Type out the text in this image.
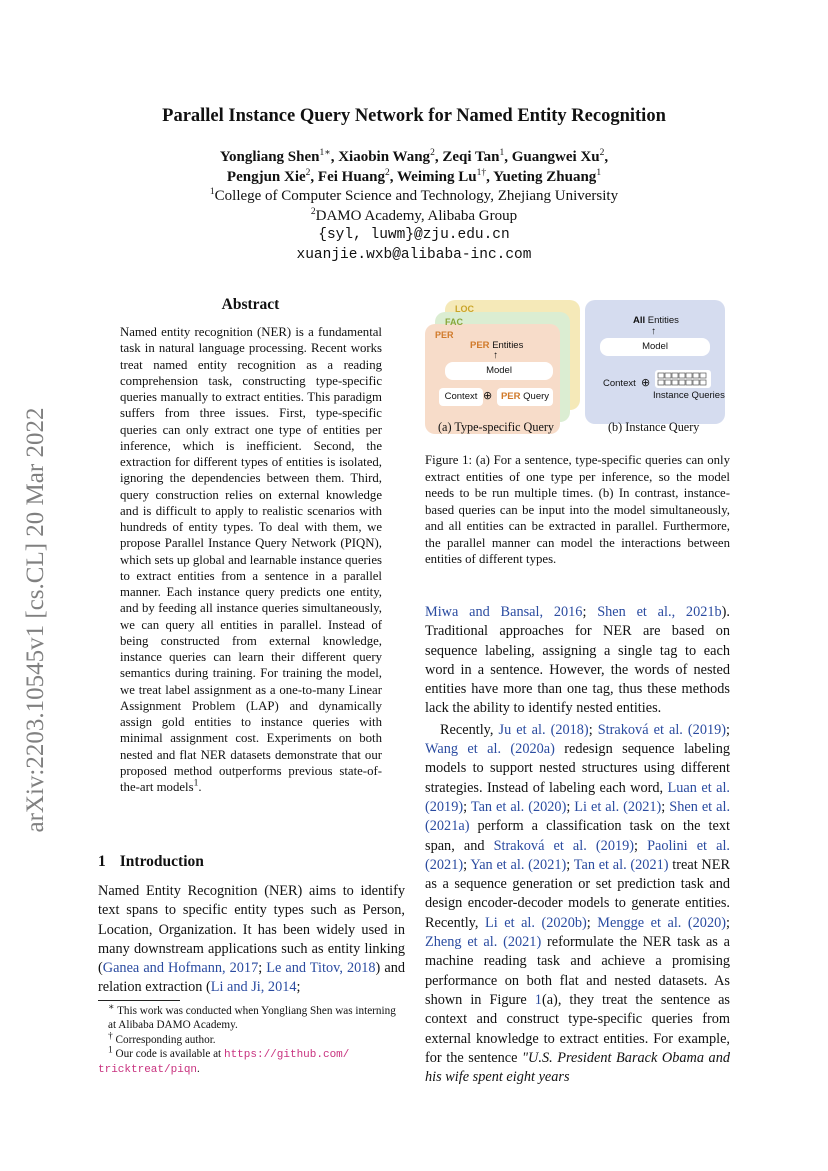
arXiv:2203.10545v1 [cs.CL] 20 Mar 2022
Parallel Instance Query Network for Named Entity Recognition
Yongliang Shen$^{1∗}$, Xiaobin Wang$^2$, Zeqi Tan$^1$, Guangwei Xu$^2$,
Pengjun Xie$^2$, Fei Huang$^2$, Weiming $Lu^{1\dagger}$, Yueting Zhuang$^1$
$^1$College of Computer Science and Technology, Zhejiang University
$^2$DAMO Academy, Alibaba Group
{syl, luwm}@zju.edu.cn
xuanjie.wxb@alibaba-inc.com
Abstract

Named entity recognition (NER) is a fundamental task in natural language processing. Recent works treat named entity recognition as a reading comprehension task, constructing type-specific queries manually to extract entities. This paradigm suffers from three issues. First, type-specific queries can only extract one type of entities per inference, which is inefficient. Second, the extraction for different types of entities is isolated, ignoring the dependencies between them. Third, query construction relies on external knowledge and is difficult to apply to realistic scenarios with hundreds of entity types. To deal with them, we propose Parallel Instance Query Network (PIQN), which sets up global and learnable instance queries to extract entities from a sentence in a parallel manner. Each instance query predicts one entity, and by feeding all instance queries simultaneously, we can query all entities in parallel. Instead of being constructed from external knowledge, instance queries can learn their different query semantics during training. For training the model, we treat label assignment as a one-to-many Linear Assignment Problem (LAP) and dynamically assign gold entities to instance queries with minimal assignment cost. Experiments on both nested and flat NER datasets demonstrate that our proposed method outperforms previous state-of-the-art models$^1$.

1 Introduction

Named Entity Recognition (NER) aims to identify text spans to specific entity types such as Person, Location, Organization. It has been widely used in many downstream applications such as entity linking (Ganea and Hofmann, 2017; Le and Titov, 2018) and relation extraction (Li and Ji, 2014;

∗ This work was conducted when Yongliang Shen was interning at Alibaba DAMO Academy.
† Corresponding author.
$^1$ Our code is available at https://github.com/
tricktreat/piqn.
LOC
FAC
PER
PER Entities
↑
Model
Context ⊕ PER Query
All Entities
↑
Model
Context ⊕
Instance Queries
(a) Type-specific Query	(b) Instance Query
Figure 1: (a) For a sentence, type-specific queries can only extract entities of one type per inference, so the model needs to be run multiple times. (b) In contrast, instance-based queries can be input into the model simultaneously, and all entities can be extracted in parallel. Furthermore, the parallel manner can model the interactions between entities of different types.

Miwa and Bansal, 2016; Shen et al., 2021b). Traditional approaches for NER are based on sequence labeling, assigning a single tag to each word in a sentence. However, the words of nested entities have more than one tag, thus these methods lack the ability to identify nested entities.

Recently, Ju et al. (2018); Straková et al. (2019); Wang et al. (2020a) redesign sequence labeling models to support nested structures using different strategies. Instead of labeling each word, Luan et al. (2019); Tan et al. (2020); Li et al. (2021); Shen et al. (2021a) perform a classification task on the text span, and Straková et al. (2019); Paolini et al. (2021); Yan et al. (2021); Tan et al. (2021) treat NER as a sequence generation or set prediction task and design encoder-decoder models to generate entities. Recently, Li et al. (2020b); Mengge et al. (2020); Zheng et al. (2021) reformulate the NER task as a machine reading task and achieve a promising performance on both flat and nested datasets. As shown in Figure 1(a), they treat the sentence as context and construct type-specific queries from external knowledge to extract entities. For example, for the sentence "U.S. President Barack Obama and his wife spent eight years
